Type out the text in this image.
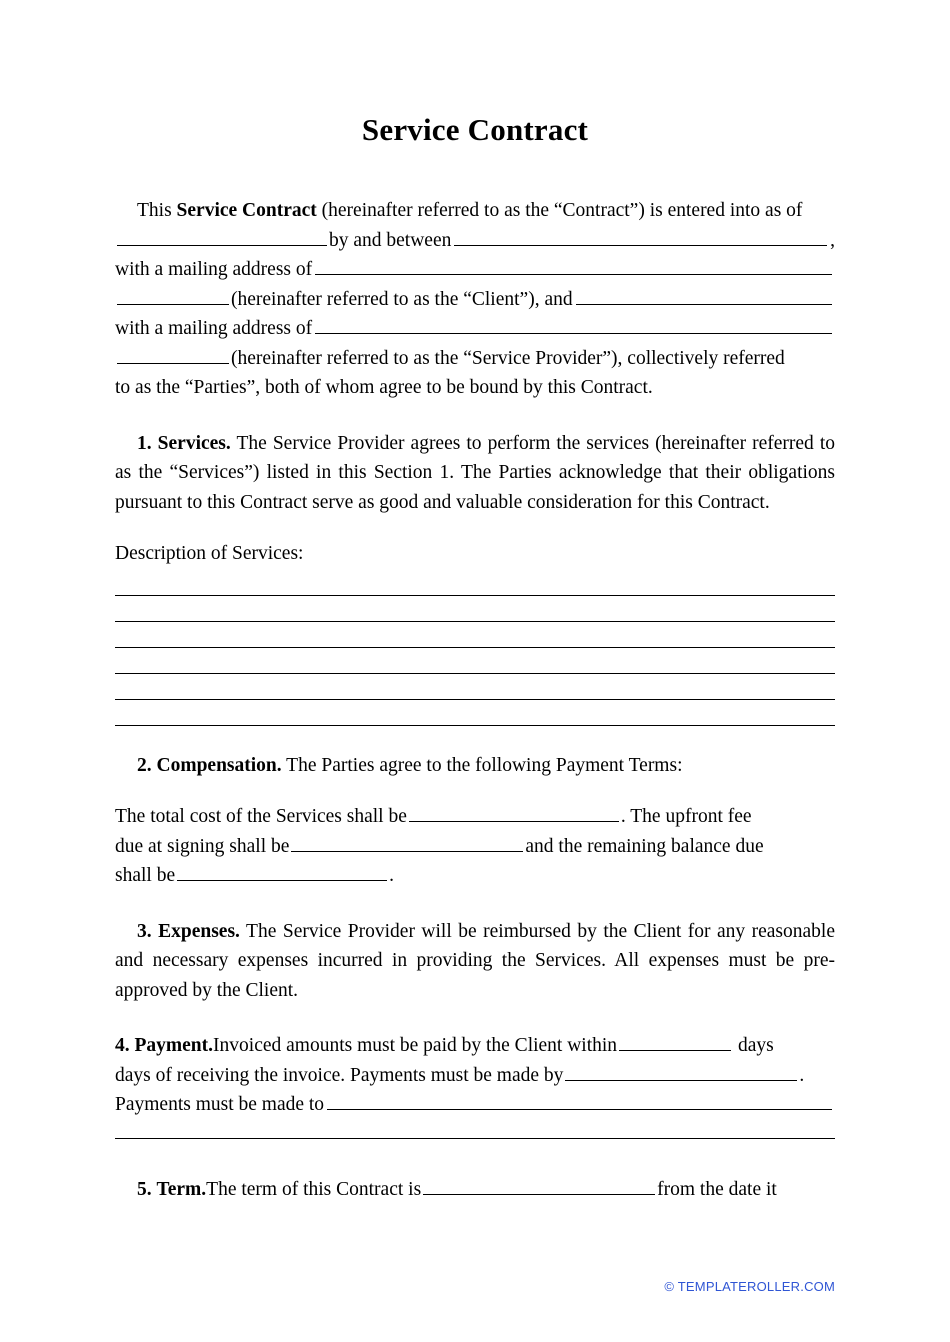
Service Contract
This Service Contract (hereinafter referred to as the “Contract”) is entered into as of
by and between	,
with a mailing address of
(hereinafter referred to as the “Client”), and
with a mailing address of
(hereinafter referred to as the “Service Provider”), collectively referred
to as the “Parties”, both of whom agree to be bound by this Contract.
1. Services. The Service Provider agrees to perform the services (hereinafter referred to as the “Services”) listed in this Section 1. The Parties acknowledge that their obligations pursuant to this Contract serve as good and valuable consideration for this Contract.
Description of Services:
2. Compensation. The Parties agree to the following Payment Terms:
The total cost of the Services shall be	. The upfront fee
due at signing shall be	and the remaining balance due
shall be	.
3. Expenses. The Service Provider will be reimbursed by the Client for any reasonable and necessary expenses incurred in providing the Services. All expenses must be pre-approved by the Client.
4.
Payment. Invoiced amounts must be paid by the Client within	days
days of receiving the invoice. Payments must be made by	.
Payments must be made to
5.
Term. The term of this Contract is	from the date it
© TEMPLATEROLLER.COM
